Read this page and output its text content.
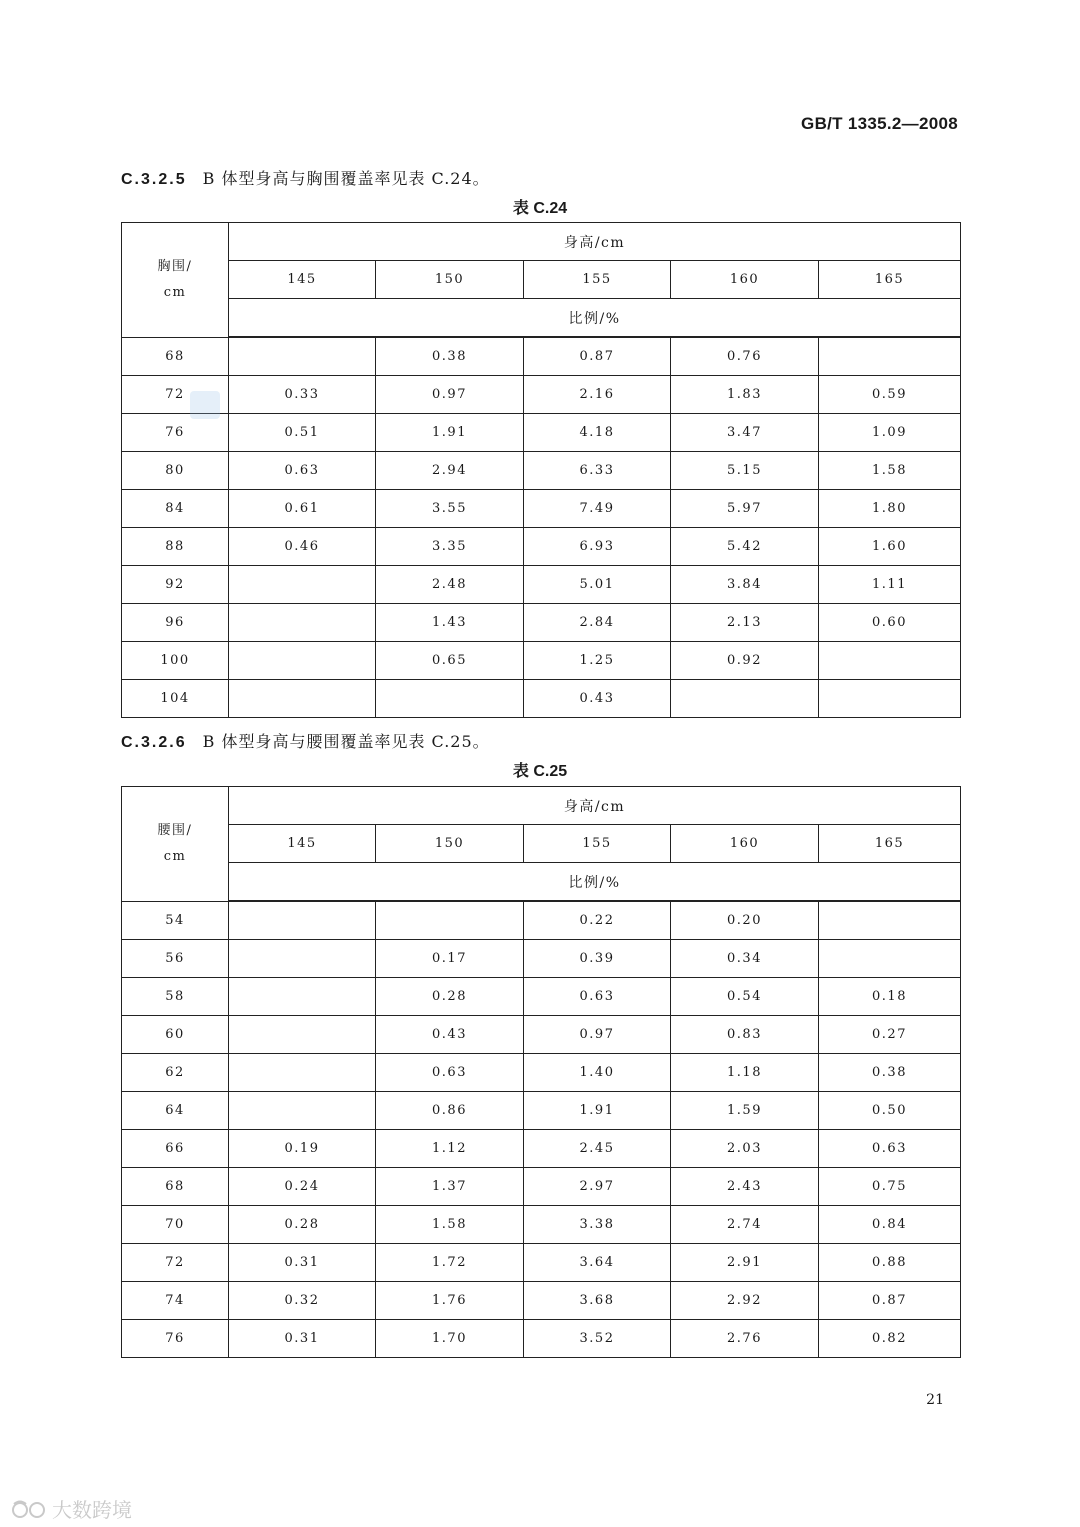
GB/T 1335.2—2008
C.3.2.5 B 体型身高与胸围覆盖率见表 C.24。
表 C.24
胸围/
cm	身高/cm				
	145	150	155	160	165
	比例/%				
68		0.38	0.87	0.76	
72	0.33	0.97	2.16	1.83	0.59
76	0.51	1.91	4.18	3.47	1.09
80	0.63	2.94	6.33	5.15	1.58
84	0.61	3.55	7.49	5.97	1.80
88	0.46	3.35	6.93	5.42	1.60
92		2.48	5.01	3.84	1.11
96		1.43	2.84	2.13	0.60
100		0.65	1.25	0.92	
104			0.43		
C.3.2.6 B 体型身高与腰围覆盖率见表 C.25。
表 C.25
腰围/
cm	身高/cm				
	145	150	155	160	165
	比例/%				
54			0.22	0.20	
56		0.17	0.39	0.34	
58		0.28	0.63	0.54	0.18
60		0.43	0.97	0.83	0.27
62		0.63	1.40	1.18	0.38
64		0.86	1.91	1.59	0.50
66	0.19	1.12	2.45	2.03	0.63
68	0.24	1.37	2.97	2.43	0.75
70	0.28	1.58	3.38	2.74	0.84
72	0.31	1.72	3.64	2.91	0.88
74	0.32	1.76	3.68	2.92	0.87
76	0.31	1.70	3.52	2.76	0.82
21
大数跨境
